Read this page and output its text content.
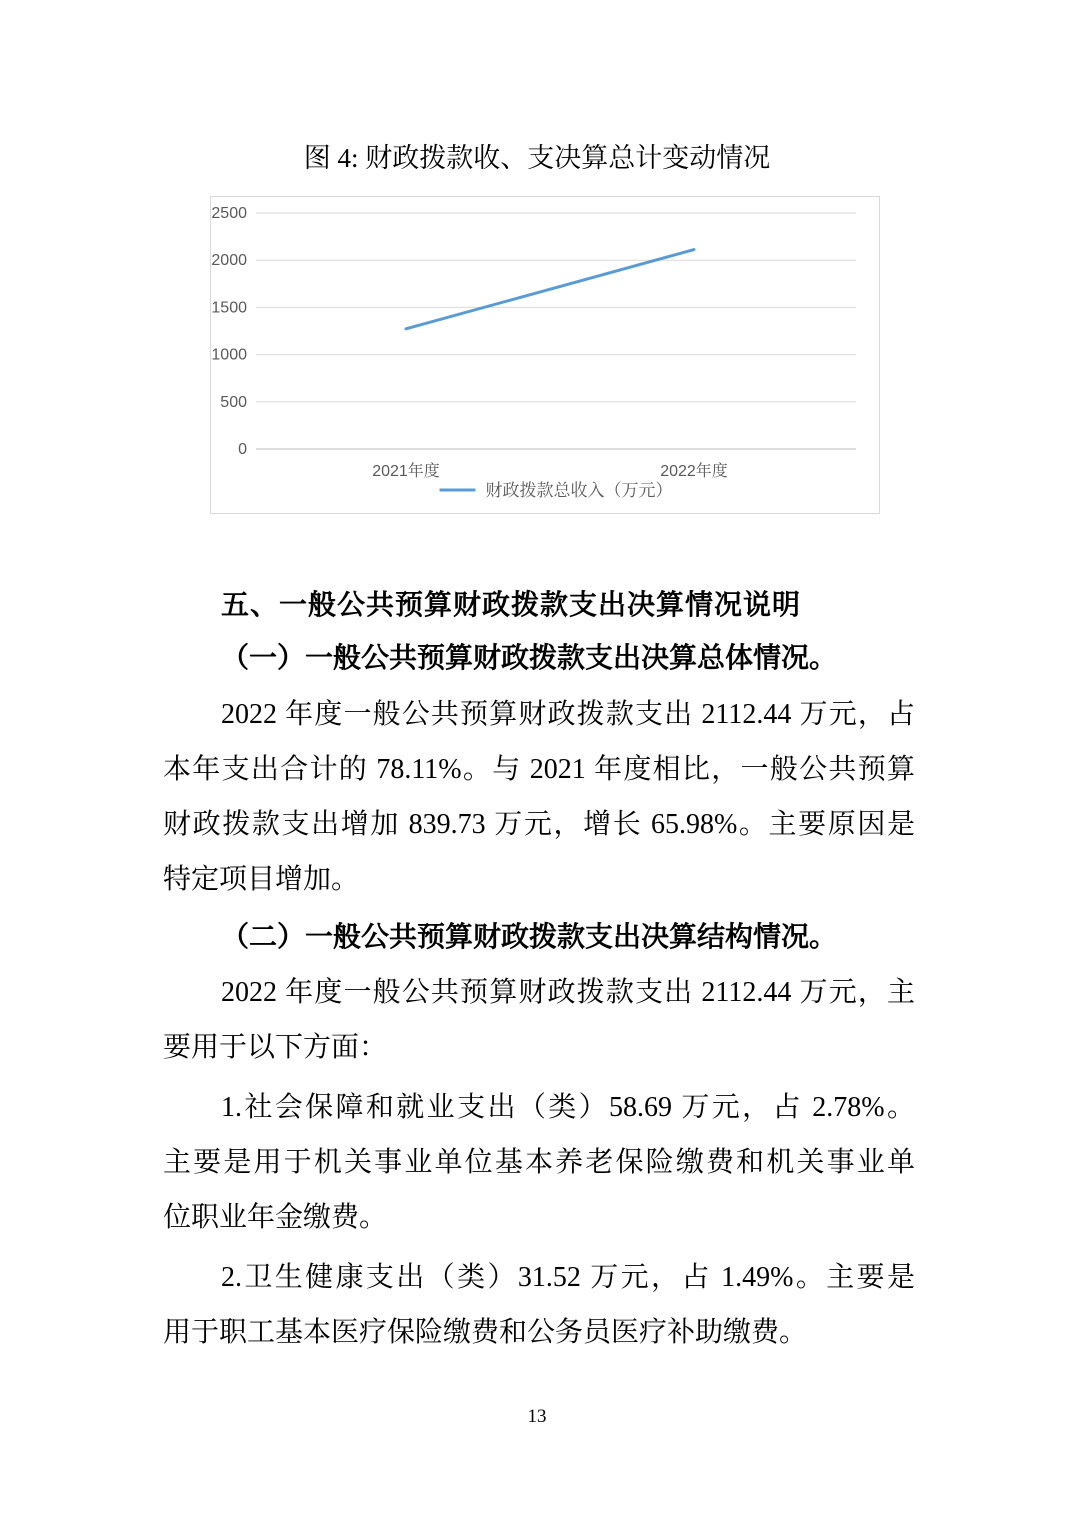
图 4: 财政拨款收、支决算总计变动情况
0
500
1000
1500
2000
2500
2021年度	2022年度
财政拨款总收入（万元）
五、一般公共预算财政拨款支出决算情况说明
（一）一般公共预算财政拨款支出决算总体情况。
2022 年度一般公共预算财政拨款支出 2112.44 万元，占
本年支出合计的 78.11%。与 2021 年度相比，一般公共预算
财政拨款支出增加 839.73 万元，增长 65.98%。主要原因是
特定项目增加。
（二）一般公共预算财政拨款支出决算结构情况。
2022 年度一般公共预算财政拨款支出 2112.44 万元，主
要用于以下方面：
1.社会保障和就业支出（类）58.69 万元，占 2.78%。
主要是用于机关事业单位基本养老保险缴费和机关事业单
位职业年金缴费。
2.卫生健康支出（类）31.52 万元，占 1.49%。主要是
用于职工基本医疗保险缴费和公务员医疗补助缴费。
13
